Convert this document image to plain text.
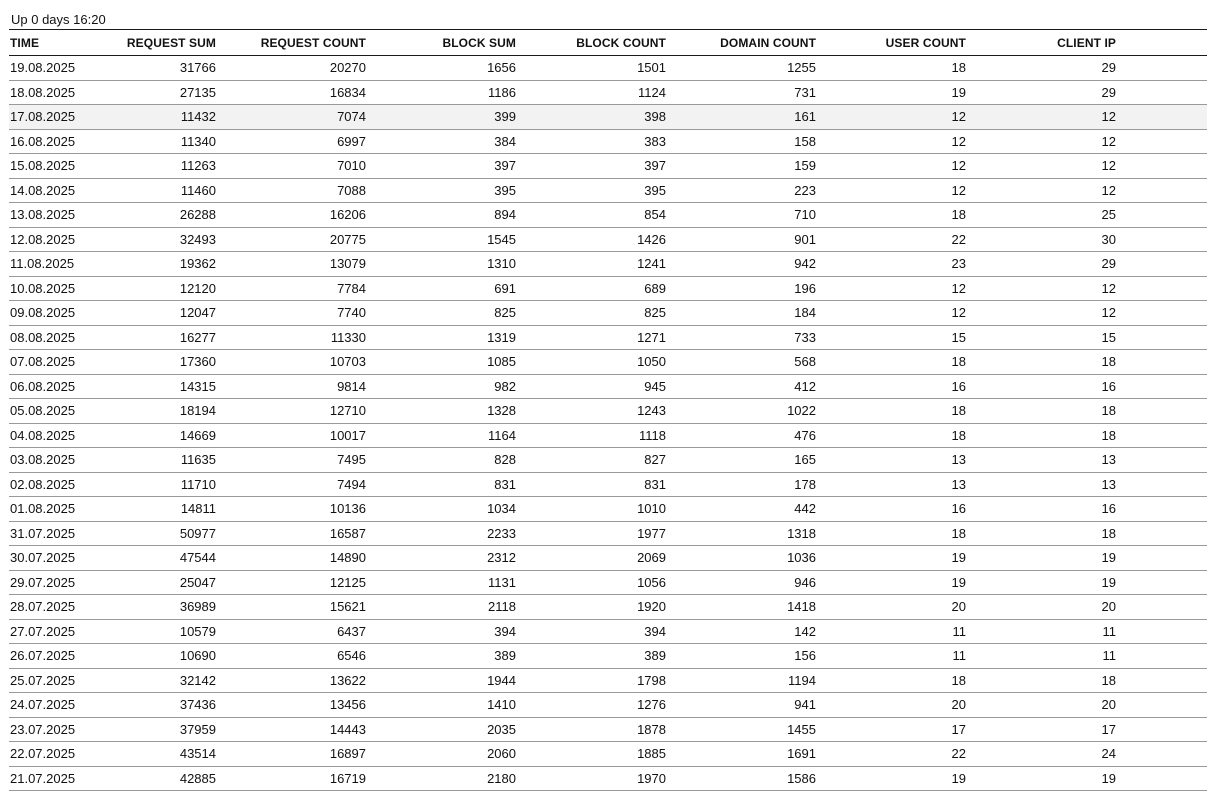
Up 0 days 16:20
TIME	REQUEST SUM	REQUEST COUNT	BLOCK SUM	BLOCK COUNT	DOMAIN COUNT	USER COUNT	CLIENT IP	
19.08.2025	31766	20270	1656	1501	1255	18	29	
18.08.2025	27135	16834	1186	1124	731	19	29	
17.08.2025	11432	7074	399	398	161	12	12	
16.08.2025	11340	6997	384	383	158	12	12	
15.08.2025	11263	7010	397	397	159	12	12	
14.08.2025	11460	7088	395	395	223	12	12	
13.08.2025	26288	16206	894	854	710	18	25	
12.08.2025	32493	20775	1545	1426	901	22	30	
11.08.2025	19362	13079	1310	1241	942	23	29	
10.08.2025	12120	7784	691	689	196	12	12	
09.08.2025	12047	7740	825	825	184	12	12	
08.08.2025	16277	11330	1319	1271	733	15	15	
07.08.2025	17360	10703	1085	1050	568	18	18	
06.08.2025	14315	9814	982	945	412	16	16	
05.08.2025	18194	12710	1328	1243	1022	18	18	
04.08.2025	14669	10017	1164	1118	476	18	18	
03.08.2025	11635	7495	828	827	165	13	13	
02.08.2025	11710	7494	831	831	178	13	13	
01.08.2025	14811	10136	1034	1010	442	16	16	
31.07.2025	50977	16587	2233	1977	1318	18	18	
30.07.2025	47544	14890	2312	2069	1036	19	19	
29.07.2025	25047	12125	1131	1056	946	19	19	
28.07.2025	36989	15621	2118	1920	1418	20	20	
27.07.2025	10579	6437	394	394	142	11	11	
26.07.2025	10690	6546	389	389	156	11	11	
25.07.2025	32142	13622	1944	1798	1194	18	18	
24.07.2025	37436	13456	1410	1276	941	20	20	
23.07.2025	37959	14443	2035	1878	1455	17	17	
22.07.2025	43514	16897	2060	1885	1691	22	24	
21.07.2025	42885	16719	2180	1970	1586	19	19	
